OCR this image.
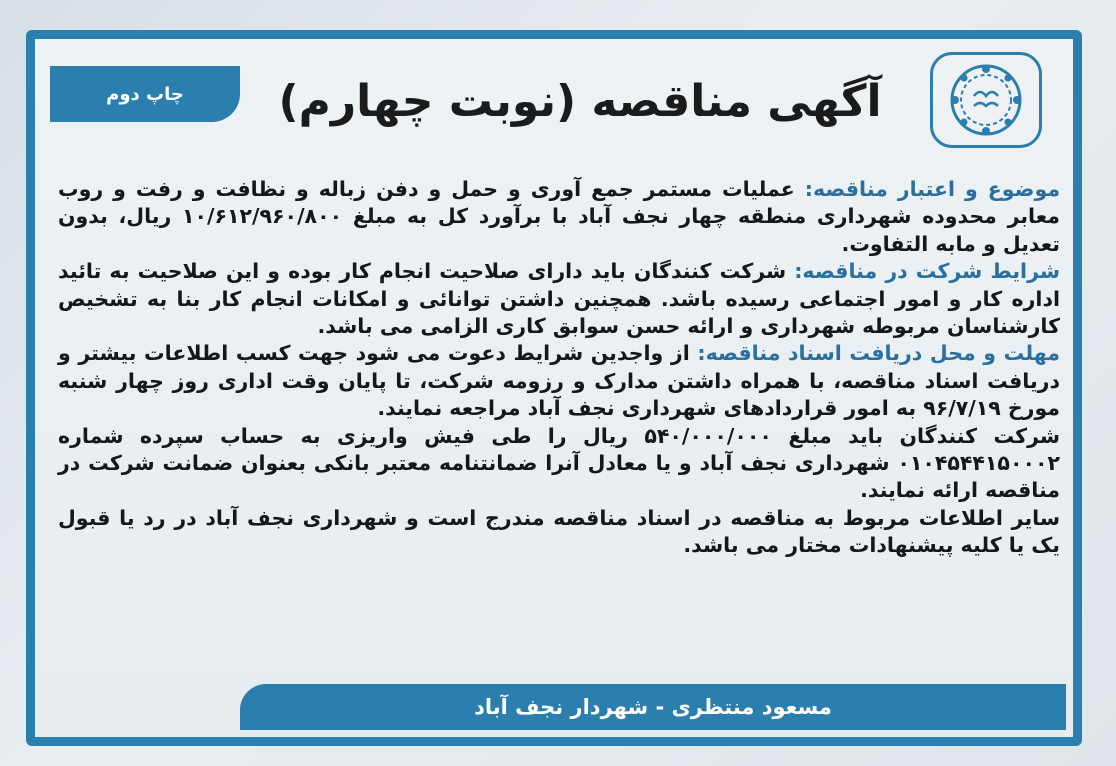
آگهی مناقصه (نوبت چهارم)
چاپ دوم

موضوع و اعتبار مناقصه: عملیات مستمر جمع آوری و حمل و دفن زباله و نظافت و رفت و روب معابر محدوده شهرداری منطقه چهار نجف آباد با برآورد کل به مبلغ ۱۰/۶۱۲/۹۶۰/۸۰۰ ریال، بدون تعدیل و مابه التفاوت.

شرایط شرکت در مناقصه: شرکت کنندگان باید دارای صلاحیت انجام کار بوده و این صلاحیت به تائید اداره کار و امور اجتماعی رسیده باشد. همچنین داشتن توانائی و امکانات انجام کار بنا به تشخیص کارشناسان مربوطه شهرداری و ارائه حسن سوابق کاری الزامی می باشد.

مهلت و محل دریافت اسناد مناقصه: از واجدین شرایط دعوت می شود جهت کسب اطلاعات بیشتر و دریافت اسناد مناقصه، با همراه داشتن مدارک و رزومه شرکت، تا پایان وقت اداری روز چهار شنبه مورخ ۹۶/۷/۱۹ به امور قراردادهای شهرداری نجف آباد مراجعه نمایند.

شرکت کنندگان باید مبلغ ۵۴۰/۰۰۰/۰۰۰ ریال را طی فیش واریزی به حساب سپرده شماره ۰۱۰۴۵۴۴۱۵۰۰۰۲ شهرداری نجف آباد و یا معادل آنرا ضمانتنامه معتبر بانکی بعنوان ضمانت شرکت در مناقصه ارائه نمایند.

سایر اطلاعات مربوط به مناقصه در اسناد مناقصه مندرج است و شهرداری نجف آباد در رد یا قبول یک یا کلیه پیشنهادات مختار می باشد.

مسعود منتظری - شهردار نجف آباد
